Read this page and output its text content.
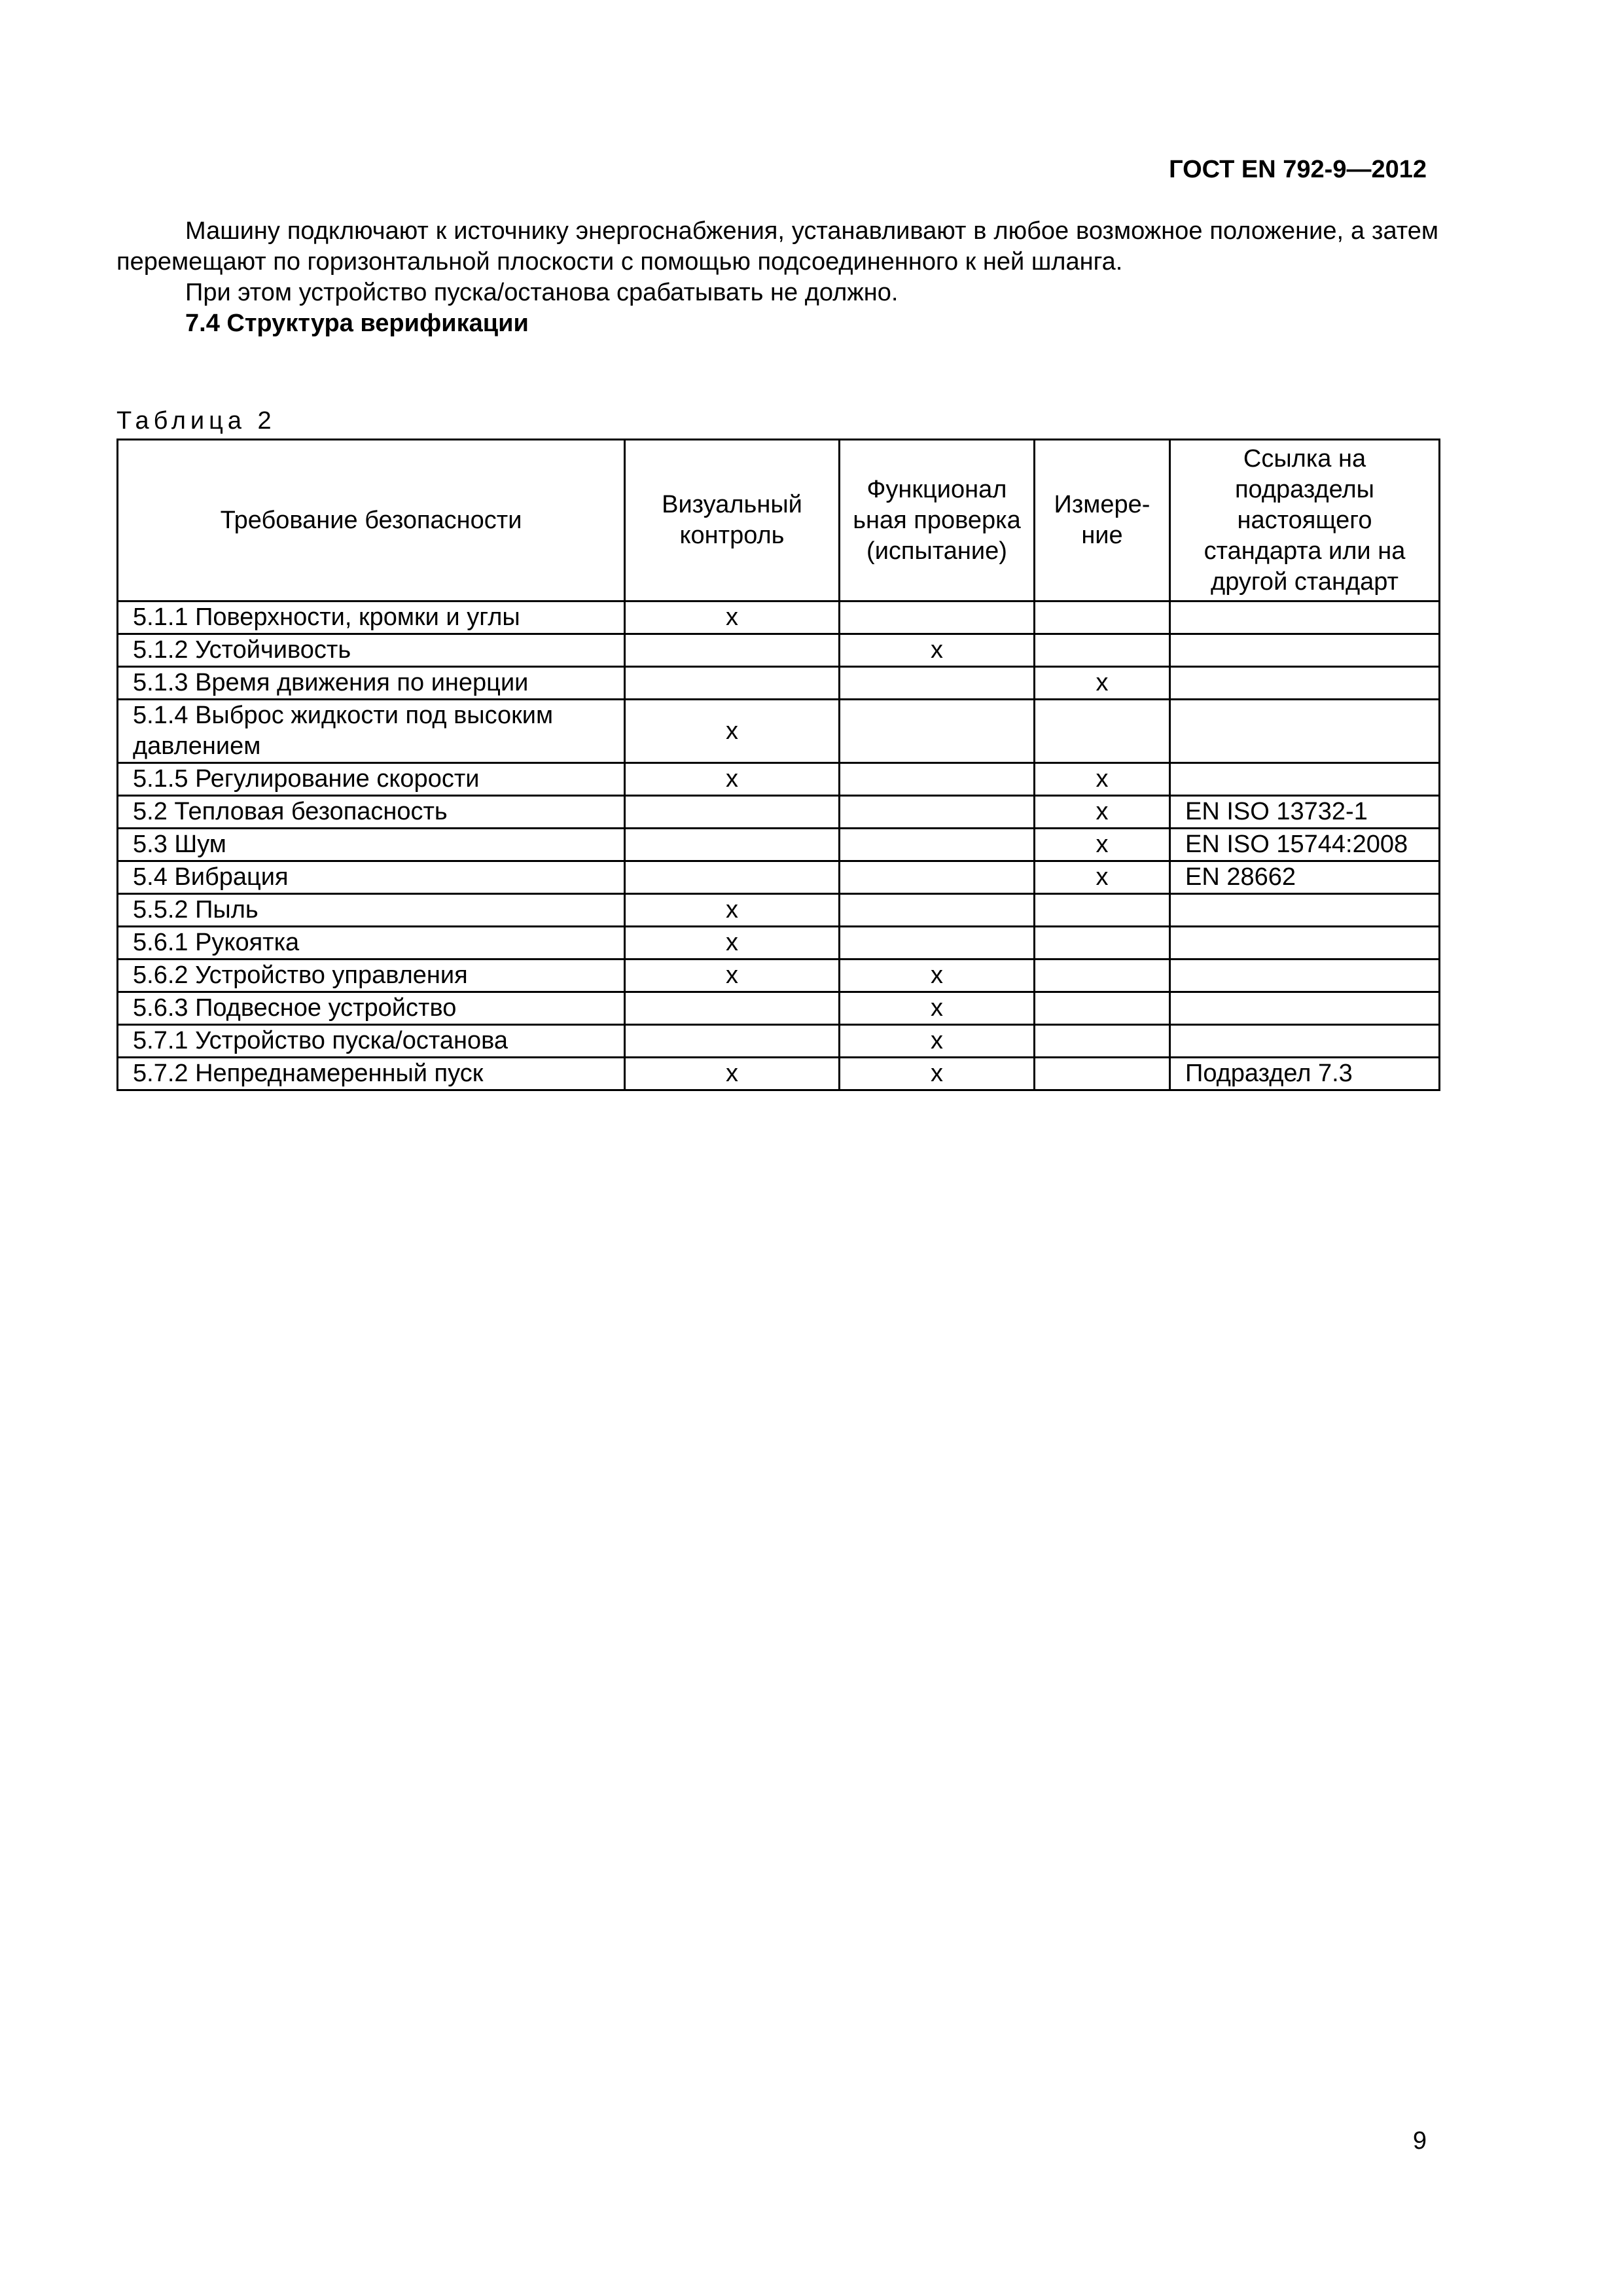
ГОСТ EN 792-9—2012

Машину подключают к источнику энергоснабжения, устанавливают в любое возможное положение, а затем перемещают по горизонтальной плоскости с помощью подсоединенного к ней шланга.

При этом устройство пуска/останова срабатывать не должно.

7.4 Структура верификации

Таблица 2
Требование безопасности	Визуальный контроль	Функционал ьная проверка (испытание)	Измере- ние	Ссылка на подразделы настоящего стандарта или на другой стандарт
5.1.1 Поверхности, кромки и углы	х			
5.1.2 Устойчивость		х		
5.1.3 Время движения по инерции			х	
5.1.4 Выброс жидкости под высоким давлением	х			
5.1.5 Регулирование скорости	х		х	
5.2 Тепловая безопасность			х	EN ISO 13732-1
5.3 Шум			х	EN ISO 15744:2008
5.4 Вибрация			х	EN 28662
5.5.2 Пыль	х			
5.6.1 Рукоятка	х			
5.6.2 Устройство управления	х	х		
5.6.3 Подвесное устройство		х		
5.7.1 Устройство пуска/останова		х		
5.7.2 Непреднамеренный пуск	х	х		Подраздел 7.3
9
